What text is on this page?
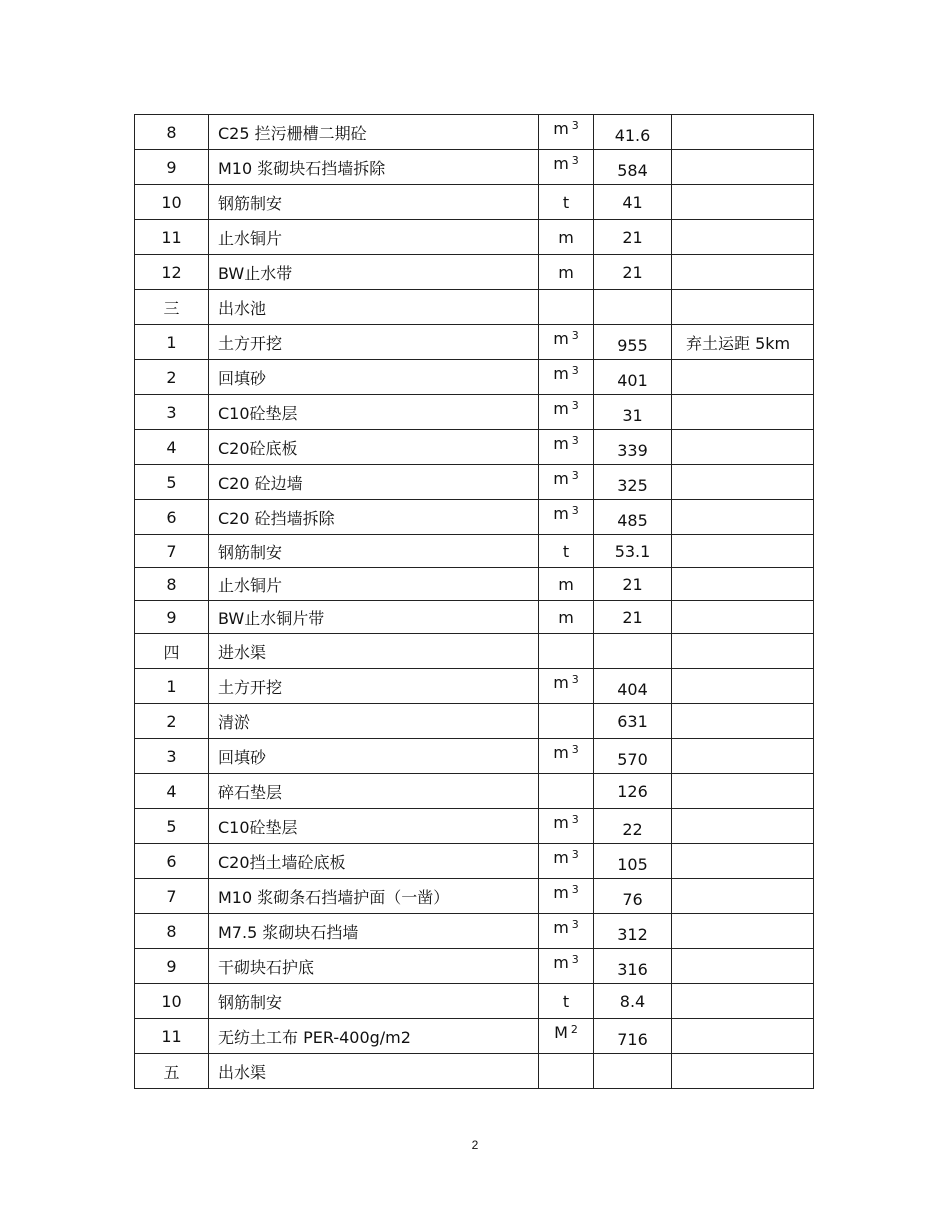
8	C25 拦污栅槽二期砼	m $^3$	41.6	
9	M10 浆砌块石挡墙拆除	m $^3$	584	
10	钢筋制安	t	41	
11	止水铜片	m	21	
12	BW止水带	m	21	
三	出水池			
1	土方开挖	m $^3$	955	弃土运距 5km
2	回填砂	m $^3$	401	
3	C10砼垫层	m $^3$	31	
4	C20砼底板	m $^3$	339	
5	C20 砼边墙	m $^3$	325	
6	C20 砼挡墙拆除	m $^3$	485	
7	钢筋制安	t	53.1	
8	止水铜片	m	21	
9	BW止水铜片带	m	21	
四	进水渠			
1	土方开挖	m $^3$	404	
2	清淤		631	
3	回填砂	m $^3$	570	
4	碎石垫层		126	
5	C10砼垫层	m $^3$	22	
6	C20挡土墙砼底板	m $^3$	105	
7	M10 浆砌条石挡墙护面（一凿）	m $^3$	76	
8	M7.5 浆砌块石挡墙	m $^3$	312	
9	干砌块石护底	m $^3$	316	
10	钢筋制安	t	8.4	
11	无纺土工布 PER-400g/m2	M $^2$	716	
五	出水渠			
2
